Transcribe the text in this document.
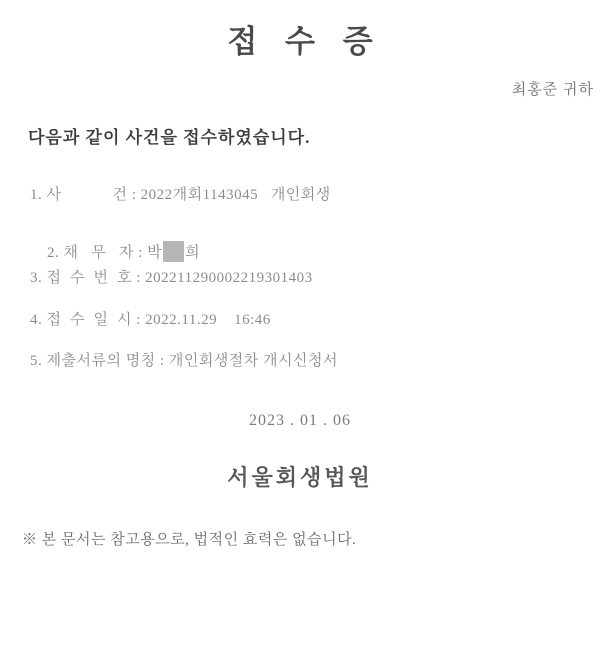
접 수 증
최홍준 귀하
다음과 같이 사건을 접수하였습니다.
1. 사            건 : 2022개회1143045   개인회생

2. 채   무   자 : 박 희

3. 접  수  번  호 : 202211290002219301403
4. 접  수  일  시 : 2022.11.29    16:46
5. 제출서류의 명칭 : 개인회생절차 개시신청서
2023 . 01 . 06
서울회생법원
※ 본 문서는 참고용으로, 법적인 효력은 없습니다.
